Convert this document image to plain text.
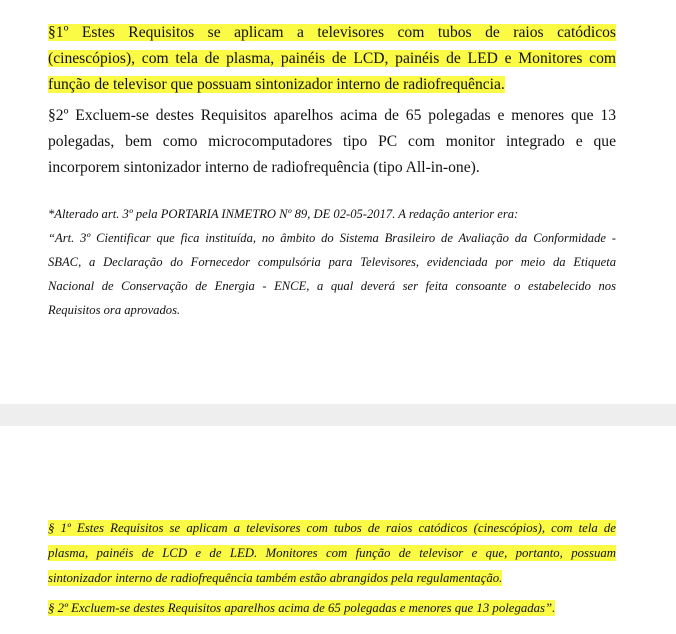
§1º Estes Requisitos se aplicam a televisores com tubos de raios catódicos
(cinescópios), com tela de plasma, painéis de LCD, painéis de LED e Monitores com
função de televisor que possuam sintonizador interno de radiofrequência.

§2º Excluem-se destes Requisitos aparelhos acima de 65 polegadas e menores que 13
polegadas, bem como microcomputadores tipo PC com monitor integrado e que
incorporem sintonizador interno de radiofrequência (tipo All-in-one).

*Alterado art. 3º pela PORTARIA INMETRO Nº 89, DE 02-05-2017. A redação anterior era:

“Art. 3º Cientificar que fica instituída, no âmbito do Sistema Brasileiro de Avaliação da Conformidade -
SBAC, a Declaração do Fornecedor compulsória para Televisores, evidenciada por meio da Etiqueta
Nacional de Conservação de Energia - ENCE, a qual deverá ser feita consoante o estabelecido nos
Requisitos ora aprovados.

§ 1º Estes Requisitos se aplicam a televisores com tubos de raios catódicos (cinescópios), com tela de
plasma, painéis de LCD e de LED. Monitores com função de televisor e que, portanto, possuam
sintonizador interno de radiofrequência também estão abrangidos pela regulamentação.

§ 2º Excluem-se destes Requisitos aparelhos acima de 65 polegadas e menores que 13 polegadas”.
